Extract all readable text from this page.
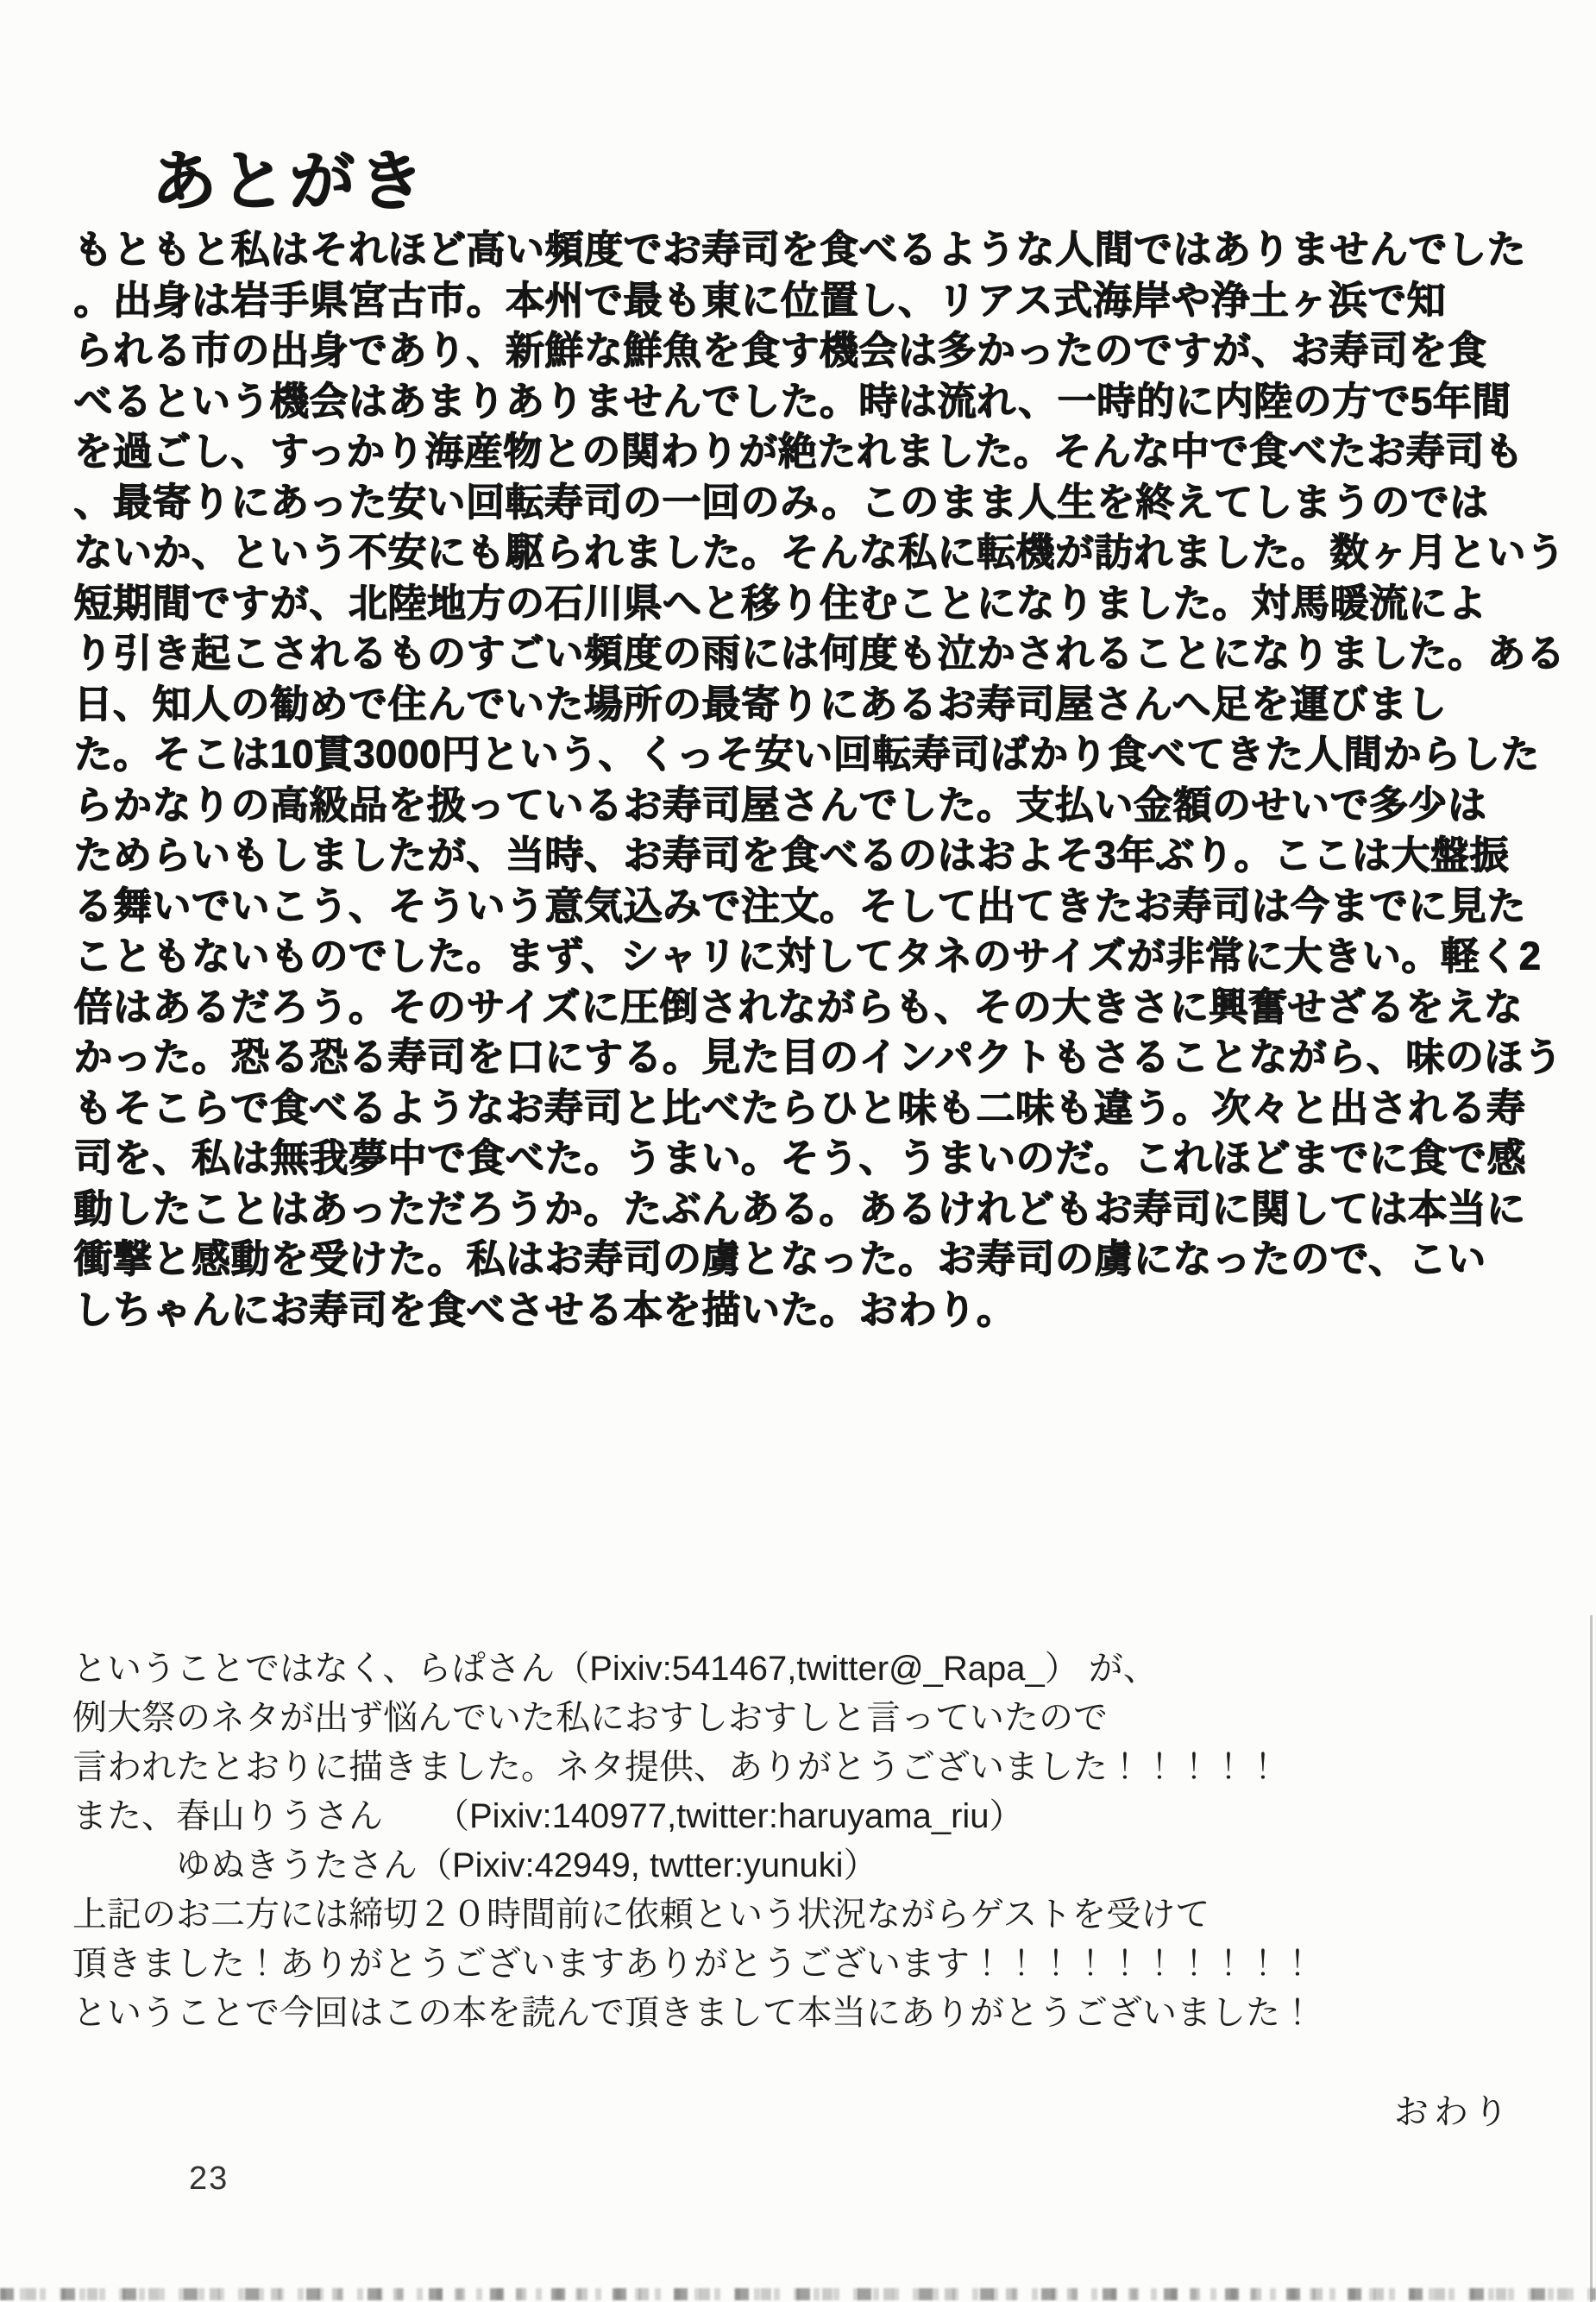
あとがき
もともと私はそれほど高い頻度でお寿司を食べるような人間ではありませんでした
。出身は岩手県宮古市。本州で最も東に位置し、リアス式海岸や浄土ヶ浜で知
られる市の出身であり、新鮮な鮮魚を食す機会は多かったのですが、お寿司を食
べるという機会はあまりありませんでした。時は流れ、一時的に内陸の方で5年間
を過ごし、すっかり海産物との関わりが絶たれました。そんな中で食べたお寿司も
、最寄りにあった安い回転寿司の一回のみ。このまま人生を終えてしまうのでは
ないか、という不安にも駆られました。そんな私に転機が訪れました。数ヶ月という
短期間ですが、北陸地方の石川県へと移り住むことになりました。対馬暖流によ
り引き起こされるものすごい頻度の雨には何度も泣かされることになりました。ある
日、知人の勧めで住んでいた場所の最寄りにあるお寿司屋さんへ足を運びまし
た。そこは10貫3000円という、くっそ安い回転寿司ばかり食べてきた人間からした
らかなりの高級品を扱っているお寿司屋さんでした。支払い金額のせいで多少は
ためらいもしましたが、当時、お寿司を食べるのはおよそ3年ぶり。ここは大盤振
る舞いでいこう、そういう意気込みで注文。そして出てきたお寿司は今までに見た
こともないものでした。まず、シャリに対してタネのサイズが非常に大きい。軽く2
倍はあるだろう。そのサイズに圧倒されながらも、その大きさに興奮せざるをえな
かった。恐る恐る寿司を口にする。見た目のインパクトもさることながら、味のほう
もそこらで食べるようなお寿司と比べたらひと味も二味も違う。次々と出される寿
司を、私は無我夢中で食べた。うまい。そう、うまいのだ。これほどまでに食で感
動したことはあっただろうか。たぶんある。あるけれどもお寿司に関しては本当に
衝撃と感動を受けた。私はお寿司の虜となった。お寿司の虜になったので、こい
しちゃんにお寿司を食べさせる本を描いた。おわり。
ということではなく、らぱさん（Pixiv:541467,twitter@_Rapa_） が、
例大祭のネタが出ず悩んでいた私におすしおすしと言っていたので
言われたとおりに描きました。ネタ提供、ありがとうございました！！！！！
また、春山りうさん　　（Pixiv:140977,twitter:haruyama_riu）
　　　ゆぬきうたさん（Pixiv:42949, twtter:yunuki）
上記のお二方には締切２０時間前に依頼という状況ながらゲストを受けて
頂きました！ありがとうございますありがとうございます！！！！！！！！！！
ということで今回はこの本を読んで頂きまして本当にありがとうございました！
おわり
23
